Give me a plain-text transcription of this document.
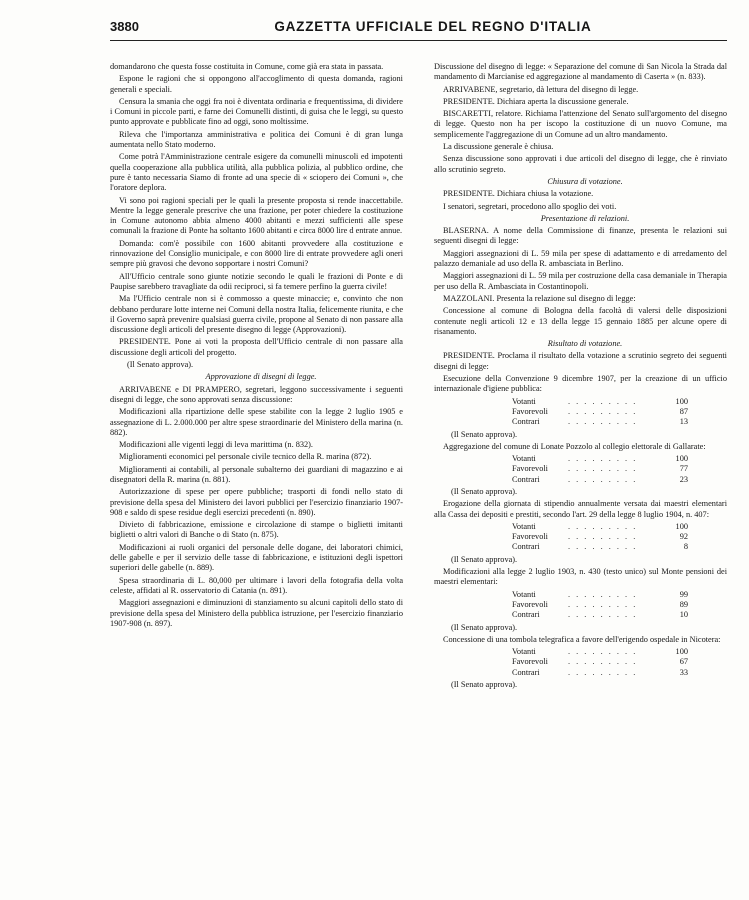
3880	GAZZETTA UFFICIALE DEL REGNO D'ITALIA

domandarono che questa fosse costituita in Comune, come già era stata in passata.

Espone le ragioni che si oppongono all'accoglimento di questa domanda, ragioni generali e speciali.

Censura la smania che oggi fra noi è diventata ordinaria e frequentissima, di dividere i Comuni in piccole parti, e farne dei Comunelli distinti, di guisa che le leggi, su questo punto approvate e pubblicate fino ad oggi, sono moltissime.

Rileva che l'importanza amministrativa e politica dei Comuni è di gran lunga aumentata nello Stato moderno.

Come potrà l'Amministrazione centrale esigere da comunelli minuscoli ed impotenti quella cooperazione alla pubblica utilità, alla pubblica polizia, al pubblico ordine, che pure è tanto necessaria Siamo di fronte ad una specie di « sciopero dei Comuni », che l'oratore deplora.

Vi sono poi ragioni speciali per le quali la presente proposta si rende inaccettabile. Mentre la legge generale prescrive che una frazione, per poter chiedere la costituzione in Comune autonomo abbia almeno 4000 abitanti e mezzi sufficienti alle spese comunali la frazione di Ponte ha soltanto 1600 abitanti e circa 8000 lire d entrate annue.

Domanda: com'è possibile con 1600 abitanti provvedere alla costituzione e rinnovazione del Consiglio municipale, e con 8000 lire di entrate provvedere agli oneri sempre più gravosi che devono sopportare i nostri Comuni?

All'Ufficio centrale sono giunte notizie secondo le quali le frazioni di Ponte e di Paupise sarebbero travagliate da odii reciproci, si fa temere perfino la guerra civile!

Ma l'Ufficio centrale non si è commosso a queste minaccie; e, convinto che non debbano perdurare lotte interne nei Comuni della nostra Italia, felicemente riunita, e che il Governo saprà prevenire qualsiasi guerra civile, propone al Senato di non passare alla discussione degli articoli del presente disegno di legge (Approvazioni).

PRESIDENTE. Pone ai voti la proposta dell'Ufficio centrale di non passare alla discussione degli articoli del progetto.

(Il Senato approva).

Approvazione di disegni di legge.

ARRIVABENE e DI PRAMPERO, segretari, leggono successivamente i seguenti disegni di legge, che sono approvati senza discussione:

Modificazioni alla ripartizione delle spese stabilite con la legge 2 luglio 1905 e assegnazione di L. 2.000.000 per altre spese straordinarie del Ministero della marina (n. 882).

Modificazioni alle vigenti leggi di leva marittima (n. 832).

Miglioramenti economici pel personale civile tecnico della R. marina (872).

Miglioramenti ai contabili, al personale subalterno dei guardiani di magazzino e ai disegnatori della R. marina (n. 881).

Autorizzazione di spese per opere pubbliche; trasporti di fondi nello stato di previsione della spesa del Ministero dei lavori pubblici per l'esercizio finanziario 1907-908 e saldo di spese residue degli esercizi precedenti (n. 890).

Divieto di fabbricazione, emissione e circolazione di stampe o biglietti imitanti biglietti o altri valori di Banche o di Stato (n. 875).

Modificazioni ai ruoli organici del personale delle dogane, dei laboratori chimici, delle gabelle e per il servizio delle tasse di fabbricazione, e istituzioni degli ispettori superiori delle gabelle (n. 889).

Spesa straordinaria di L. 80,000 per ultimare i lavori della fotografia della volta celeste, affidati al R. osservatorio di Catania (n. 891).

Maggiori assegnazioni e diminuzioni di stanziamento su alcuni capitoli dello stato di previsione della spesa del Ministero della pubblica istruzione, per l'esercizio finanziario 1907-908 (n. 897).

Discussione del disegno di legge: « Separazione del comune di San Nicola la Strada dal mandamento di Marcianise ed aggregazione al mandamento di Caserta » (n. 833).

ARRIVABENE, segretario, dà lettura del disegno di legge.

PRESIDENTE. Dichiara aperta la discussione generale.

BISCARETTI, relatore. Richiama l'attenzione del Senato sull'argomento del disegno di legge. Questo non ha per iscopo la costituzione di un nuovo Comune, ma semplicemente l'aggregazione di un Comune ad un altro mandamento.

La discussione generale è chiusa.

Senza discussione sono approvati i due articoli del disegno di legge, che è rinviato allo scrutinio segreto.

Chiusura di votazione.

PRESIDENTE. Dichiara chiusa la votazione.

I senatori, segretari, procedono allo spoglio dei voti.

Presentazione di relazioni.

BLASERNA. A nome della Commissione di finanze, presenta le relazioni sui seguenti disegni di legge:

Maggiori assegnazioni di L. 59 mila per spese di adattamento e di arredamento del palazzo demaniale ad uso della R. ambasciata in Berlino.

Maggiori assegnazioni di L. 59 mila per costruzione della casa demaniale in Therapia per uso della R. Ambasciata in Costantinopoli.

MAZZOLANI. Presenta la relazione sul disegno di legge:

Concessione al comune di Bologna della facoltà di valersi delle disposizioni contenute negli articoli 12 e 13 della legge 15 gennaio 1885 per alcune opere di risanamento.

Risultato di votazione.

PRESIDENTE. Proclama il risultato della votazione a scrutinio segreto dei seguenti disegni di legge:

Esecuzione della Convenzione 9 dicembre 1907, per la creazione di un ufficio internazionale d'igiene pubblica:

Votanti	. . . . . . . . .	100
Favorevoli	. . . . . . . . .	87
Contrari	. . . . . . . . .	13

(Il Senato approva).

Aggregazione del comune di Lonate Pozzolo al collegio elettorale di Gallarate:

Votanti	. . . . . . . . .	100
Favorevoli	. . . . . . . . .	77
Contrari	. . . . . . . . .	23

(Il Senato approva).

Erogazione della giornata di stipendio annualmente versata dai maestri elementari alla Cassa dei depositi e prestiti, secondo l'art. 29 della legge 8 luglio 1904, n. 407:

Votanti	. . . . . . . . .	100
Favorevoli	. . . . . . . . .	92
Contrari	. . . . . . . . .	8

(Il Senato approva).

Modificazioni alla legge 2 luglio 1903, n. 430 (testo unico) sul Monte pensioni dei maestri elementari:

Votanti	. . . . . . . . .	99
Favorevoli	. . . . . . . . .	89
Contrari	. . . . . . . . .	10

(Il Senato approva).

Concessione di una tombola telegrafica a favore dell'erigendo ospedale in Nicotera:

Votanti	. . . . . . . . .	100
Favorevoli	. . . . . . . . .	67
Contrari	. . . . . . . . .	33

(Il Senato approva).
